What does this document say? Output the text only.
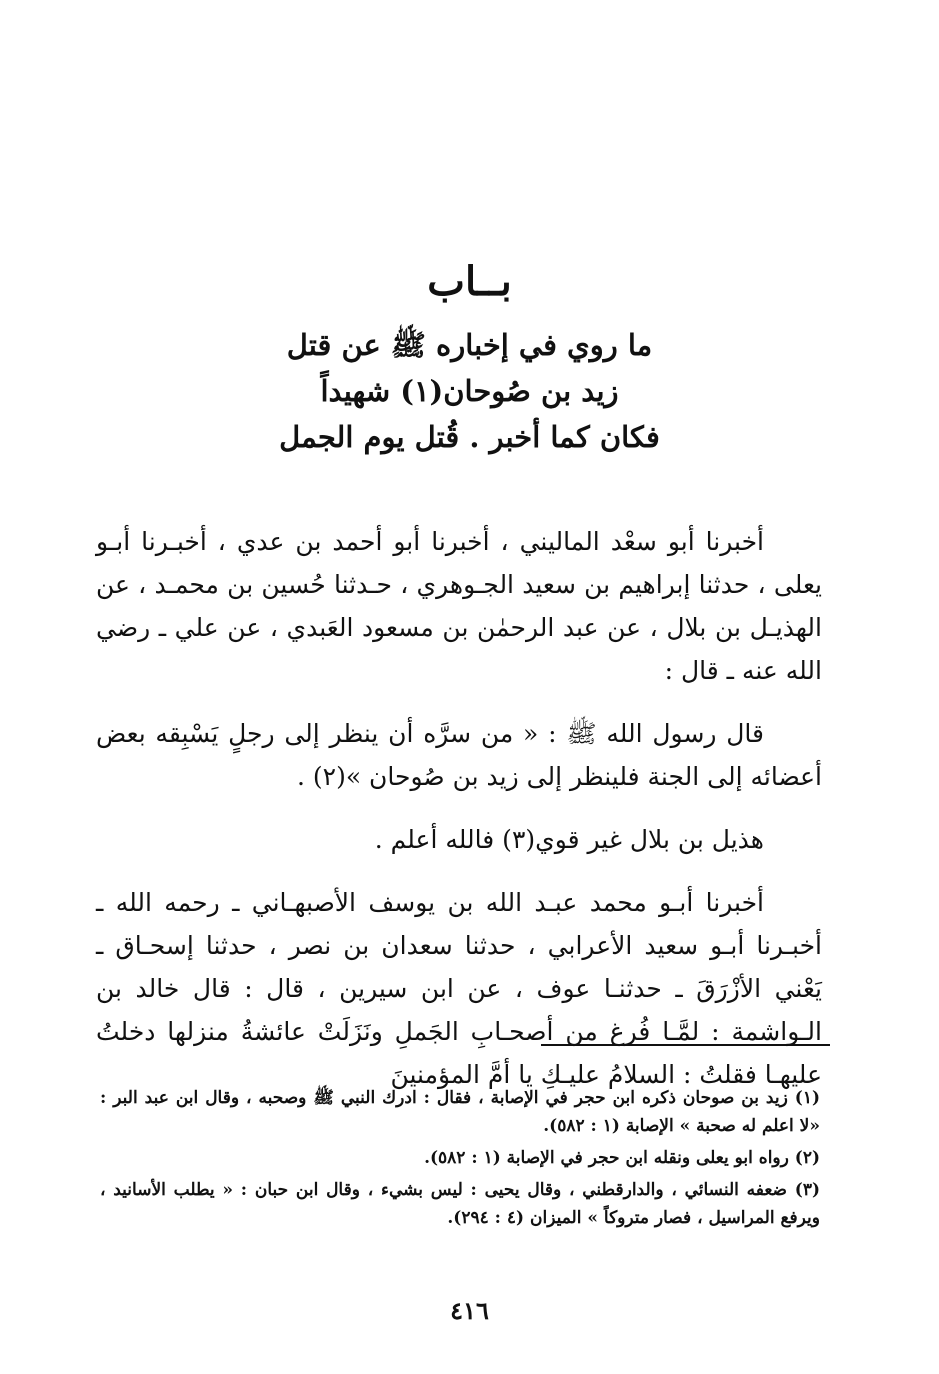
بــاب
ما روي في إخباره ﷺ عن قتل
زيد بن صُوحان(١) شهيداً
فكان كما أخبر . قُتل يوم الجمل

أخبرنا أبو سعْد الماليني ، أخبرنا أبو أحمد بن عدي ، أخبـرنا أبـو يعلى ، حدثنا إبراهيم بن سعيد الجـوهري ، حـدثنا حُسين بن محمـد ، عن الهذيـل بن بلال ، عن عبد الرحمٰن بن مسعود العَبدي ، عن علي ـ رضي الله عنه ـ قال :

قال رسول الله ﷺ : « من سرَّه أن ينظر إلى رجلٍ يَسْبِقه بعض أعضائه إلى الجنة فلينظر إلى زيد بن صُوحان »(٢) .

هذيل بن بلال غير قوي(٣) فالله أعلم .

أخبرنا أبـو محمد عبـد الله بن يوسف الأصبهـاني ـ رحمه الله ـ أخبـرنا أبـو سعيد الأعرابي ، حدثنا سعدان بن نصر ، حدثنا إسحـاق ـ يَعْني الأزْرَقَ ـ حدثنـا عوف ، عن ابن سيرين ، قال : قال خالد بن الـواشمة : لمَّـا فُرغ من أصحـابِ الجَملِ ونَزَلَتْ عائشةُ منزلها دخلتُ عليهـا فقلتُ : السلامُ عليـكِ يا أمَّ المؤمنينَ

(١) زيد بن صوحان ذكره ابن حجر في الإصابة ، فقال : ادرك النبي ﷺ وصحبه ، وقال ابن عبد البر : «لا اعلم له صحبة » الإصابة (١ : ٥٨٢).

(٢) رواه ابو يعلى ونقله ابن حجر في الإصابة (١ : ٥٨٢).

(٣) ضعفه النسائي ، والدارقطني ، وقال يحيى : ليس بشيء ، وقال ابن حبان : « يطلب الأسانيد ، ويرفع المراسيل ، فصار متروكاً » الميزان (٤ : ٢٩٤).

٤١٦
